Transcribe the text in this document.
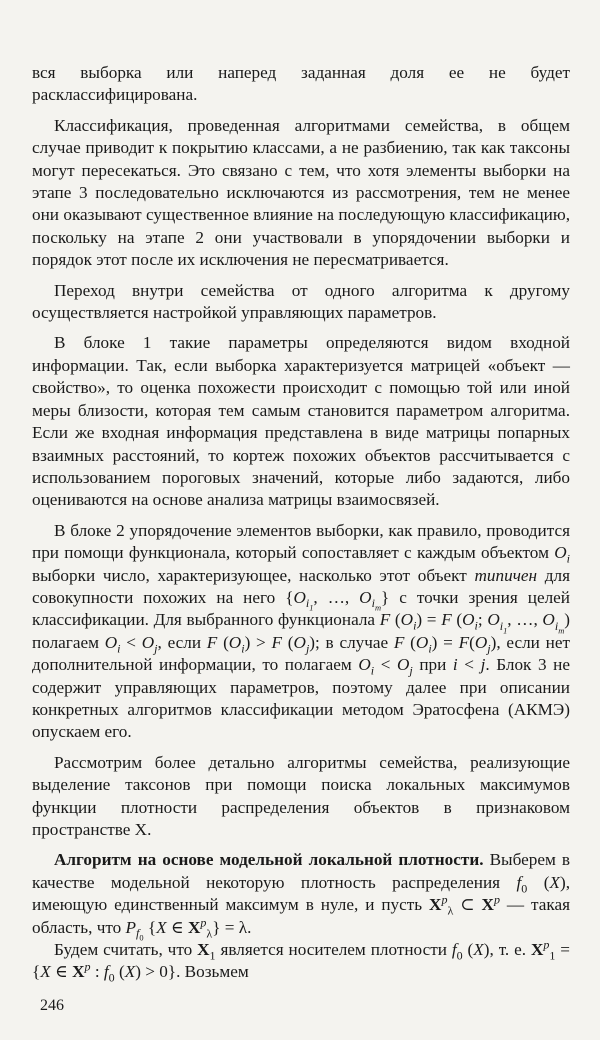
вся выборка или наперед заданная доля ее не будет расклассифицирована.

Классификация, проведенная алгоритмами семейства, в общем случае приводит к покрытию классами, а не разбиению, так как таксоны могут пересекаться. Это связано с тем, что хотя элементы выборки на этапе 3 последовательно исключаются из рассмотрения, тем не менее они оказывают существенное влияние на последующую классификацию, поскольку на этапе 2 они участвовали в упорядочении выборки и порядок этот после их исключения не пересматривается.

Переход внутри семейства от одного алгоритма к другому осуществляется настройкой управляющих параметров.

В блоке 1 такие параметры определяются видом входной информации. Так, если выборка характеризуется матрицей «объект — свойство», то оценка похожести происходит с помощью той или иной меры близости, которая тем самым становится параметром алгоритма. Если же входная информация представлена в виде матрицы попарных взаимных расстояний, то кортеж похожих объектов рассчитывается с использованием пороговых значений, которые либо задаются, либо оцениваются на основе анализа матрицы взаимосвязей.

В блоке 2 упорядочение элементов выборки, как правило, проводится при помощи функционала, который сопоставляет с каждым объектом $O_i$ выборки число, характеризующее, насколько этот объект типичен для совокупности похожих на него {$O_{i_1}$, …, $O_{i_m}$} с точки зрения целей классификации. Для выбранного функционала F $(O_i) = F$ ($O_i$; $O_{i_1}$, …, $O_{i_m}$) полагаем $O_i < O_j$, если F $(O_i) > F$ $(O_j)$; в случае F $(O_i) = F(O_j)$, если нет дополнительной информации, то полагаем $O_i < O_j$ при i < j. Блок 3 не содержит управляющих параметров, поэтому далее при описании конкретных алгоритмов классификации методом Эратосфена (АКМЭ) опускаем его.

Рассмотрим более детально алгоритмы семейства, реализующие выделение таксонов при помощи поиска локальных максимумов функции плотности распределения объектов в признаковом пространстве X.

Алгоритм на основе модельной локальной плотности. Выберем в качестве модельной некоторую плотность распределения $f_0$ (X), имеющую единственный максимум в нуле, и пусть $X^p_\lambda$ ⊂ $X^p$ — такая область, что $P_{f_0}$ {X ∈ $X^p_\lambda\} = \lambda$.

Будем считать, что $X_1$ является носителем плотности $f_0$ (X), т. е. $X^p_1 = \{X$ ∈ $X^p$ : $f_0$ (X) > 0}. Возьмем

246
